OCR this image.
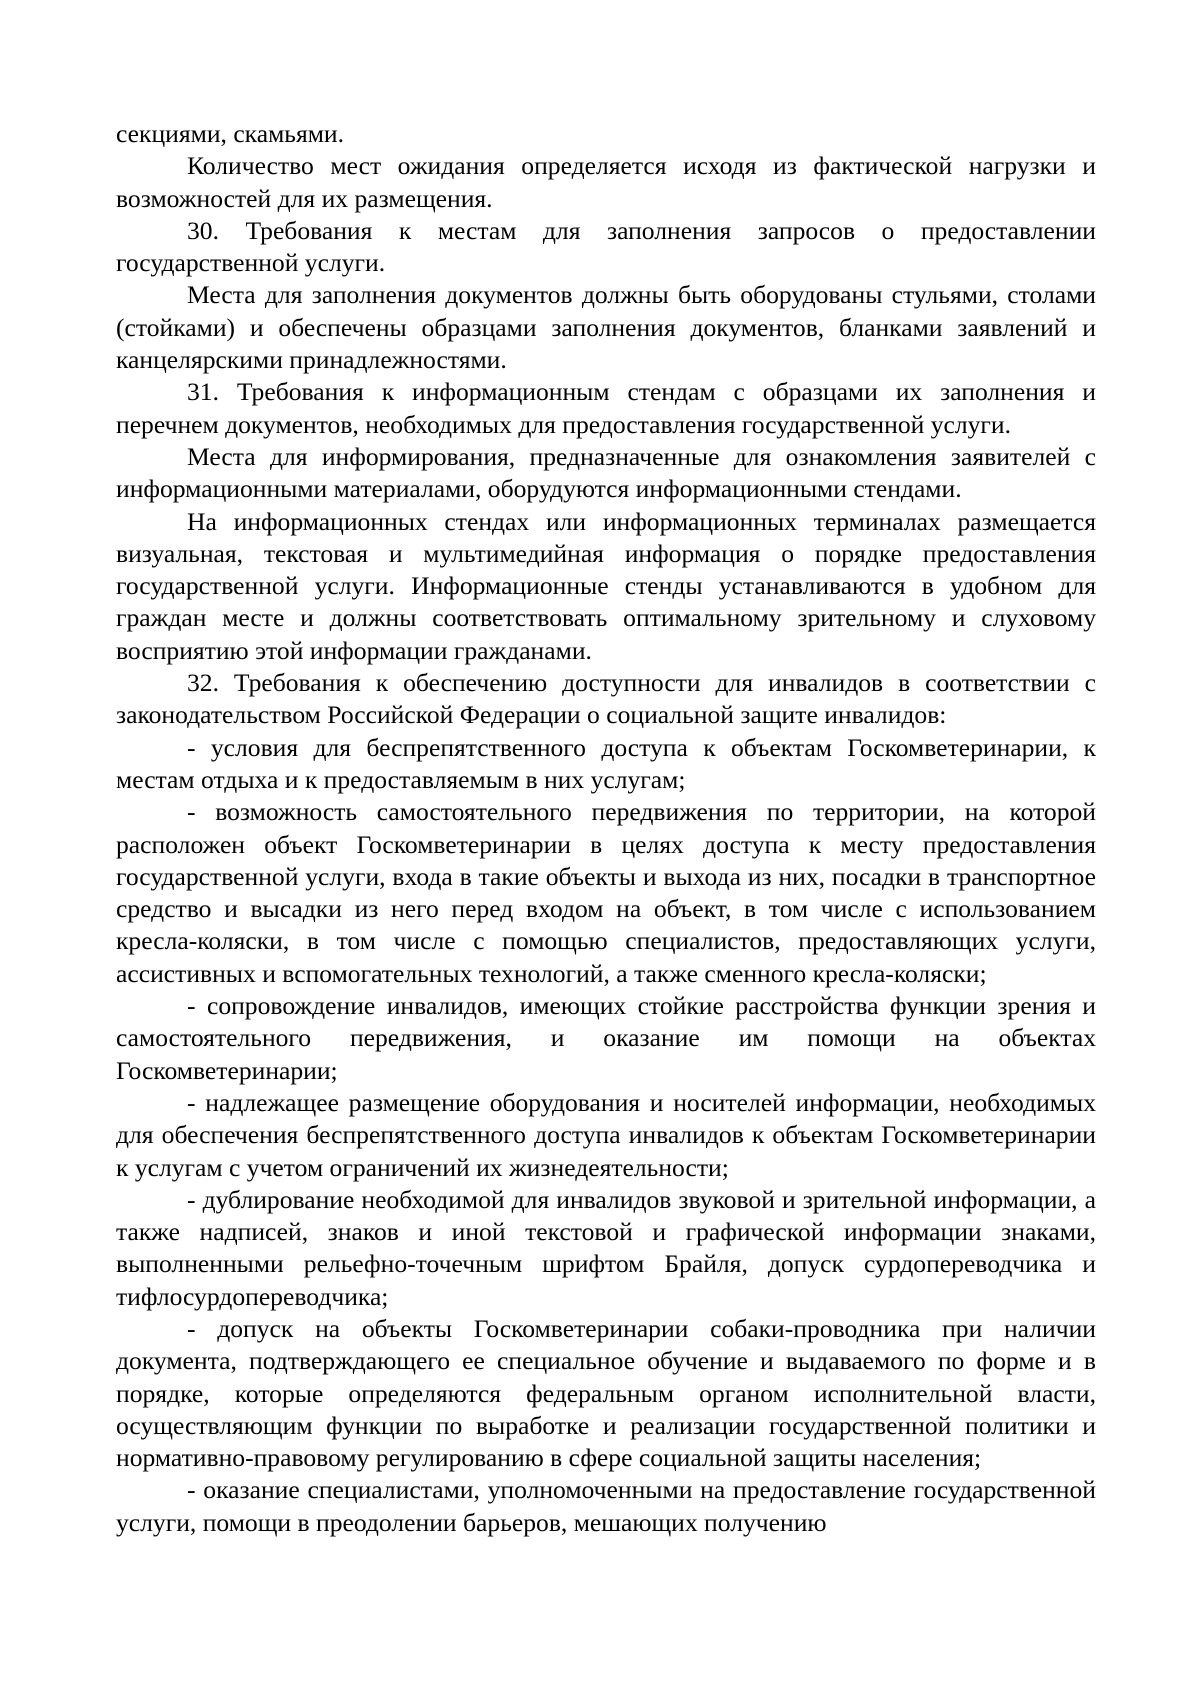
секциями, скамьями.

Количество мест ожидания определяется исходя из фактической нагрузки и возможностей для их размещения.

30. Требования к местам для заполнения запросов о предоставлении государственной услуги.

Места для заполнения документов должны быть оборудованы стульями, столами (стойками) и обеспечены образцами заполнения документов, бланками заявлений и канцелярскими принадлежностями.

31. Требования к информационным стендам с образцами их заполнения и перечнем документов, необходимых для предоставления государственной услуги.

Места для информирования, предназначенные для ознакомления заявителей с информационными материалами, оборудуются информационными стендами.

На информационных стендах или информационных терминалах размещается визуальная, текстовая и мультимедийная информация о порядке предоставления государственной услуги. Информационные стенды устанавливаются в удобном для граждан месте и должны соответствовать оптимальному зрительному и слуховому восприятию этой информации гражданами.

32. Требования к обеспечению доступности для инвалидов в соответствии с законодательством Российской Федерации о социальной защите инвалидов:

- условия для беспрепятственного доступа к объектам Госкомветеринарии, к местам отдыха и к предоставляемым в них услугам;

- возможность самостоятельного передвижения по территории, на которой расположен объект Госкомветеринарии в целях доступа к месту предоставления государственной услуги, входа в такие объекты и выхода из них, посадки в транспортное средство и высадки из него перед входом на объект, в том числе с использованием кресла-коляски, в том числе с помощью специалистов, предоставляющих услуги, ассистивных и вспомогательных технологий, а также сменного кресла-коляски;

- сопровождение инвалидов, имеющих стойкие расстройства функции зрения и самостоятельного передвижения, и оказание им помощи на объектах Госкомветеринарии;

- надлежащее размещение оборудования и носителей информации, необходимых для обеспечения беспрепятственного доступа инвалидов к объектам Госкомветеринарии к услугам с учетом ограничений их жизнедеятельности;

- дублирование необходимой для инвалидов звуковой и зрительной информации, а также надписей, знаков и иной текстовой и графической информации знаками, выполненными рельефно-точечным шрифтом Брайля, допуск сурдопереводчика и тифлосурдопереводчика;

- допуск на объекты Госкомветеринарии собаки-проводника при наличии документа, подтверждающего ее специальное обучение и выдаваемого по форме и в порядке, которые определяются федеральным органом исполнительной власти, осуществляющим функции по выработке и реализации государственной политики и нормативно-правовому регулированию в сфере социальной защиты населения;

- оказание специалистами, уполномоченными на предоставление государственной услуги, помощи в преодолении барьеров, мешающих получению
